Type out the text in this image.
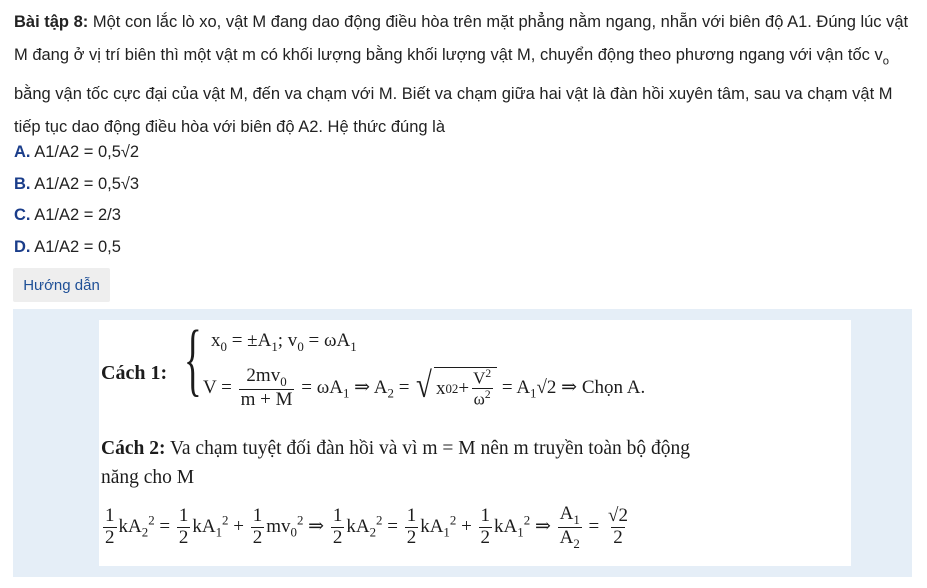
Bài tập 8: Một con lắc lò xo, vật M đang dao động điều hòa trên mặt phẳng nằm ngang, nhẵn với biên độ A1. Đúng lúc vật M đang ở vị trí biên thì một vật m có khối lượng bằng khối lượng vật M, chuyển động theo phương ngang với vận tốc $v_o$ bằng vận tốc cực đại của vật M, đến va chạm với M. Biết va chạm giữa hai vật là đàn hồi xuyên tâm, sau va chạm vật M tiếp tục dao động điều hòa với biên độ A2. Hệ thức đúng là

A. A1/A2 = 0,5√2
B. A1/A2 = 0,5√3
C. A1/A2 = 2/3
D. A1/A2 = 0,5
Hướng dẫn
Cách 1: { $x_0 = \pm A_1$; $v_0 = \omega A_1$
$V = \frac{2mv_0}{m + M} = \omega A_1$ ⇒ $A_2$ = √ x 0 $2 + \frac{V^2}{\omega^2} = A_1√2$ ⇒ Chọn A.
Cách 2: Va chạm tuyệt đối đàn hồi và vì m = M nên m truyền toàn bộ động
năng cho M
$\frac{1}{2} kA_2^2 = \frac{1}{2} kA_1^2 + \frac{1}{2} mv_0^2$ ⇒ $\frac{1}{2} kA_2^2 = \frac{1}{2} kA_1^2 + \frac{1}{2} kA_1^2$ ⇒ $\frac{A_1}{A_2} = \frac{√2}{2}$
